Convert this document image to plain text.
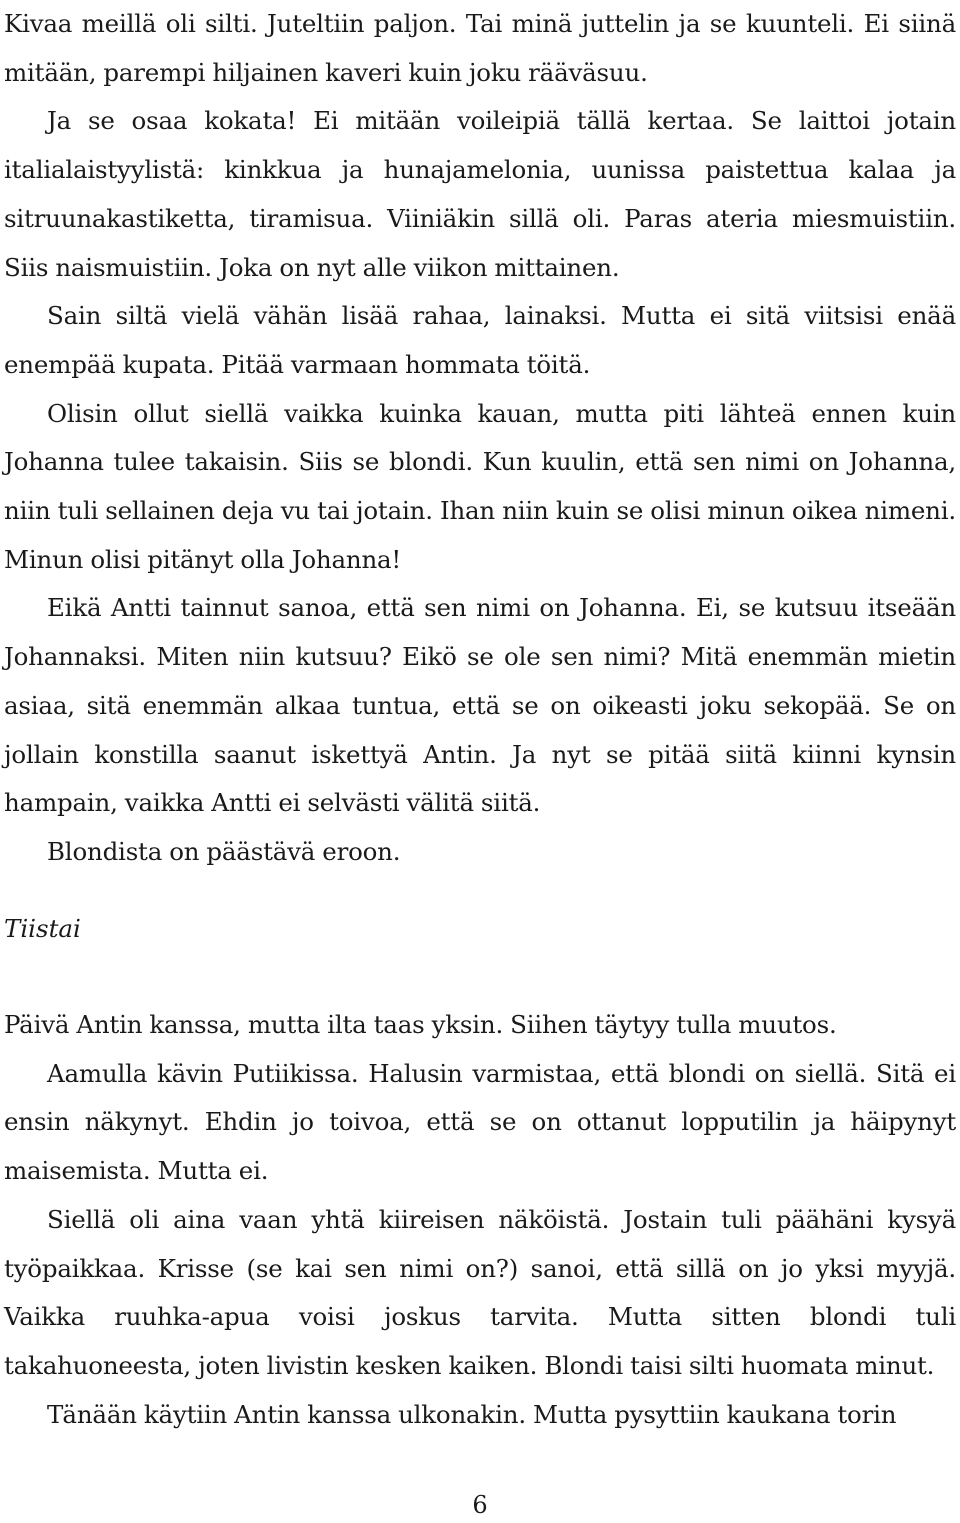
Kivaa meillä oli silti. Juteltiin paljon. Tai minä juttelin ja se kuunteli. Ei siinä mitään, parempi hiljainen kaveri kuin joku rääväsuu.

Ja se osaa kokata! Ei mitään voileipiä tällä kertaa. Se laittoi jotain italialaistyylistä: kinkkua ja hunajamelonia, uunissa paistettua kalaa ja sitruunakastiketta, tiramisua. Viiniäkin sillä oli. Paras ateria miesmuistiin. Siis naismuistiin. Joka on nyt alle viikon mittainen.

Sain siltä vielä vähän lisää rahaa, lainaksi. Mutta ei sitä viitsisi enää enempää kupata. Pitää varmaan hommata töitä.

Olisin ollut siellä vaikka kuinka kauan, mutta piti lähteä ennen kuin Johanna tulee takaisin. Siis se blondi. Kun kuulin, että sen nimi on Johanna, niin tuli sellainen deja vu tai jotain. Ihan niin kuin se olisi minun oikea nimeni. Minun olisi pitänyt olla Johanna!

Eikä Antti tainnut sanoa, että sen nimi on Johanna. Ei, se kutsuu itseään Johannaksi. Miten niin kutsuu? Eikö se ole sen nimi? Mitä enemmän mietin asiaa, sitä enemmän alkaa tuntua, että se on oikeasti joku sekopää. Se on jollain konstilla saanut iskettyä Antin. Ja nyt se pitää siitä kiinni kynsin hampain, vaikka Antti ei selvästi välitä siitä.

Blondista on päästävä eroon.

Tiistai

Päivä Antin kanssa, mutta ilta taas yksin. Siihen täytyy tulla muutos.

Aamulla kävin Putiikissa. Halusin varmistaa, että blondi on siellä. Sitä ei ensin näkynyt. Ehdin jo toivoa, että se on ottanut lopputilin ja häipynyt maisemista. Mutta ei.

Siellä oli aina vaan yhtä kiireisen näköistä. Jostain tuli päähäni kysyä työpaikkaa. Krisse (se kai sen nimi on?) sanoi, että sillä on jo yksi myyjä. Vaikka ruuhka-apua voisi joskus tarvita. Mutta sitten blondi tuli takahuoneesta, joten livistin kesken kaiken. Blondi taisi silti huomata minut.

Tänään käytiin Antin kanssa ulkonakin. Mutta pysyttiin kaukana torin

6
